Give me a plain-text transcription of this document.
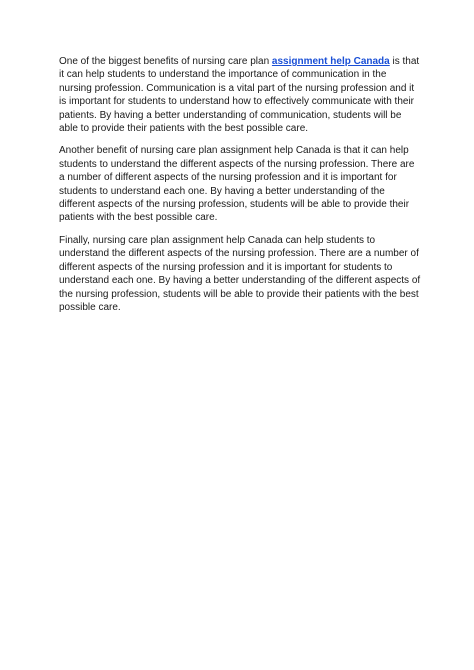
One of the biggest benefits of nursing care plan assignment help Canada is that it can help students to understand the importance of communication in the nursing profession. Communication is a vital part of the nursing profession and it is important for students to understand how to effectively communicate with their patients. By having a better understanding of communication, students will be able to provide their patients with the best possible care.

Another benefit of nursing care plan assignment help Canada is that it can help students to understand the different aspects of the nursing profession. There are a number of different aspects of the nursing profession and it is important for students to understand each one. By having a better understanding of the different aspects of the nursing profession, students will be able to provide their patients with the best possible care.

Finally, nursing care plan assignment help Canada can help students to understand the different aspects of the nursing profession. There are a number of different aspects of the nursing profession and it is important for students to understand each one. By having a better understanding of the different aspects of the nursing profession, students will be able to provide their patients with the best possible care.
